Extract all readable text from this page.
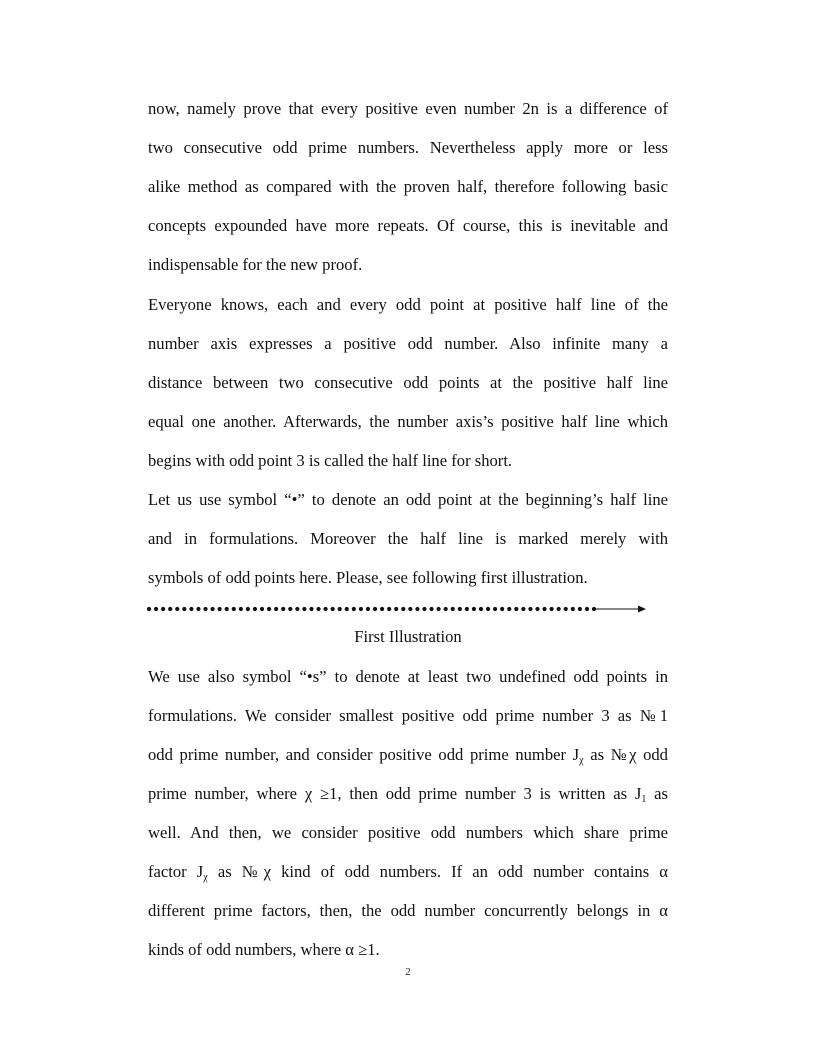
now, namely prove that every positive even number 2n is a difference of
two consecutive odd prime numbers. Nevertheless apply more or less
alike method as compared with the proven half, therefore following basic
concepts expounded have more repeats. Of course, this is inevitable and
indispensable for the new proof.
Everyone knows, each and every odd point at positive half line of the
number axis expresses a positive odd number. Also infinite many a
distance between two consecutive odd points at the positive half line
equal one another. Afterwards, the number axis’s positive half line which
begins with odd point 3 is called the half line for short.
Let us use symbol “•” to denote an odd point at the beginning’s half line
and in formulations. Moreover the half line is marked merely with
symbols of odd points here. Please, see following first illustration.
First Illustration
We use also symbol “•s” to denote at least two undefined odd points in
formulations. We consider smallest positive odd prime number 3 as №1
odd prime number, and consider positive odd prime number $J_\chi$ as №χ odd
prime number, where χ ≥1, then odd prime number 3 is written as $J_1$ as
well. And then, we consider positive odd numbers which share prime
factor $J_\chi$ as №χ kind of odd numbers. If an odd number contains α
different prime factors, then, the odd number concurrently belongs in α
kinds of odd numbers, where α ≥1.
2
